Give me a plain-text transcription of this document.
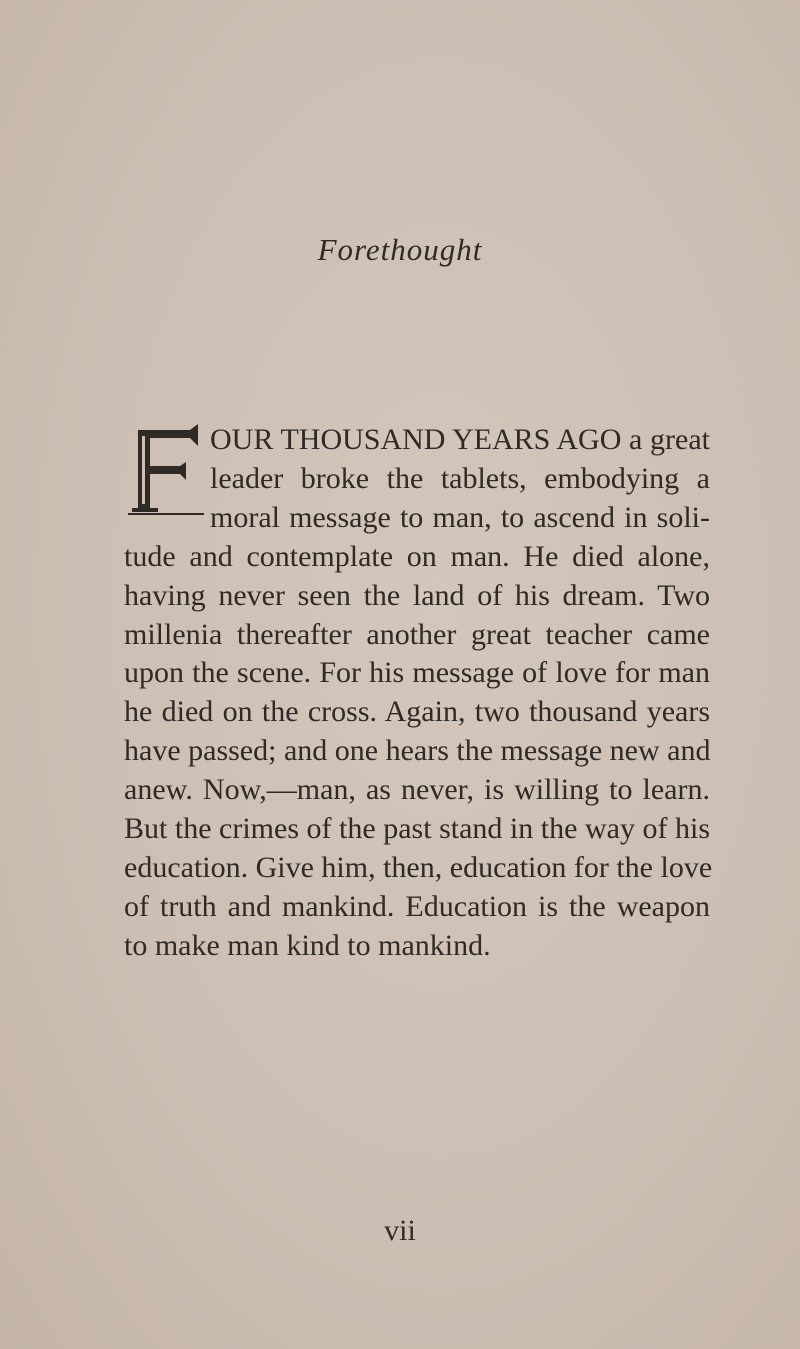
Forethought
F
OUR THOUSAND YEARS AGO a great
leader broke the tablets, embodying a
moral message to man, to ascend in soli-
tude and contemplate on man. He died alone,
having never seen the land of his dream. Two
millenia thereafter another great teacher came
upon the scene. For his message of love for man
he died on the cross. Again, two thousand years
have passed; and one hears the message new and
anew. Now,—man, as never, is willing to learn.
But the crimes of the past stand in the way of his
education. Give him, then, education for the love
of truth and mankind. Education is the weapon
to make man kind to mankind.
vii
